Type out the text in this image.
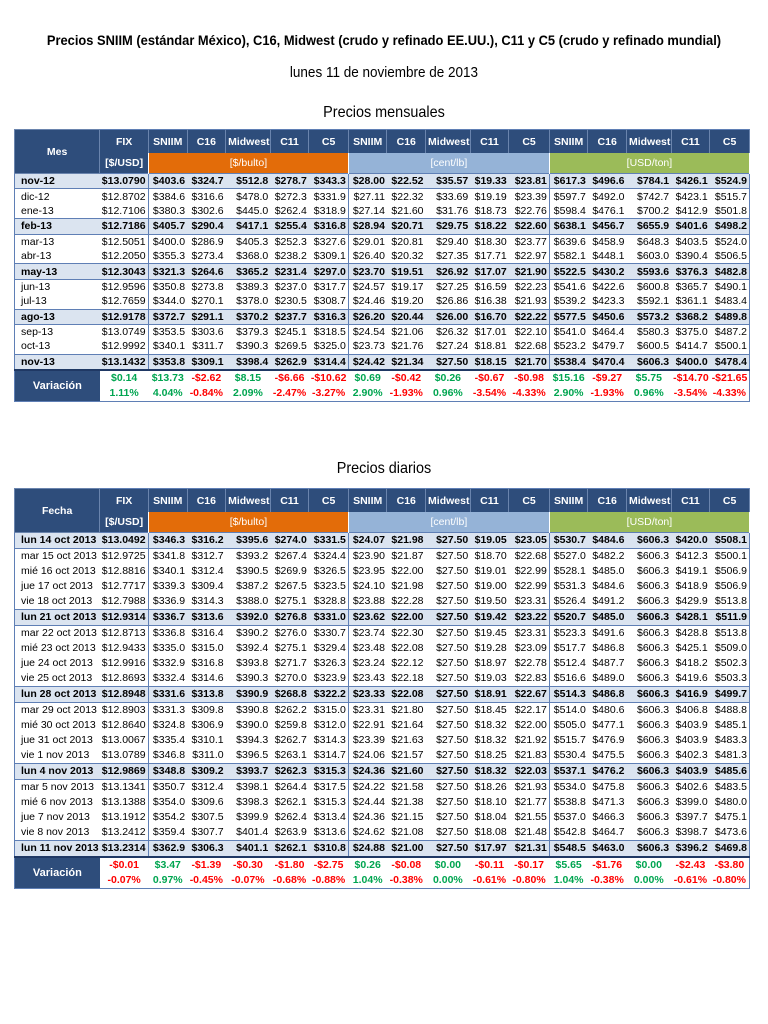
Precios SNIIM (estándar México), C16, Midwest (crudo y refinado EE.UU.), C11 y C5 (crudo y refinado mundial)
lunes 11 de noviembre de 2013
Precios mensuales
Precios diarios
Mes	FIX	SNIIM	C16	Midwest	C11	C5	SNIIM	C16	Midwest	C11	C5	SNIIM	C16	Midwest	C11	C5
	[$/USD]	[$/bulto]					[cent/lb]					[USD/ton]				
nov-12	$13.0790	$403.6	$324.7	$512.8	$278.7	$343.3	$28.00	$22.52	$35.57	$19.33	$23.81	$617.3	$496.6	$784.1	$426.1	$524.9
dic-12	$12.8702	$384.6	$316.6	$478.0	$272.3	$331.9	$27.11	$22.32	$33.69	$19.19	$23.39	$597.7	$492.0	$742.7	$423.1	$515.7
ene-13	$12.7106	$380.3	$302.6	$445.0	$262.4	$318.9	$27.14	$21.60	$31.76	$18.73	$22.76	$598.4	$476.1	$700.2	$412.9	$501.8
feb-13	$12.7186	$405.7	$290.4	$417.1	$255.4	$316.8	$28.94	$20.71	$29.75	$18.22	$22.60	$638.1	$456.7	$655.9	$401.6	$498.2
mar-13	$12.5051	$400.0	$286.9	$405.3	$252.3	$327.6	$29.01	$20.81	$29.40	$18.30	$23.77	$639.6	$458.9	$648.3	$403.5	$524.0
abr-13	$12.2050	$355.3	$273.4	$368.0	$238.2	$309.1	$26.40	$20.32	$27.35	$17.71	$22.97	$582.1	$448.1	$603.0	$390.4	$506.5
may-13	$12.3043	$321.3	$264.6	$365.2	$231.4	$297.0	$23.70	$19.51	$26.92	$17.07	$21.90	$522.5	$430.2	$593.6	$376.3	$482.8
jun-13	$12.9596	$350.8	$273.8	$389.3	$237.0	$317.7	$24.57	$19.17	$27.25	$16.59	$22.23	$541.6	$422.6	$600.8	$365.7	$490.1
jul-13	$12.7659	$344.0	$270.1	$378.0	$230.5	$308.7	$24.46	$19.20	$26.86	$16.38	$21.93	$539.2	$423.3	$592.1	$361.1	$483.4
ago-13	$12.9178	$372.7	$291.1	$370.2	$237.7	$316.3	$26.20	$20.44	$26.00	$16.70	$22.22	$577.5	$450.6	$573.2	$368.2	$489.8
sep-13	$13.0749	$353.5	$303.6	$379.3	$245.1	$318.5	$24.54	$21.06	$26.32	$17.01	$22.10	$541.0	$464.4	$580.3	$375.0	$487.2
oct-13	$12.9992	$340.1	$311.7	$390.3	$269.5	$325.0	$23.73	$21.76	$27.24	$18.81	$22.68	$523.2	$479.7	$600.5	$414.7	$500.1
nov-13	$13.1432	$353.8	$309.1	$398.4	$262.9	$314.4	$24.42	$21.34	$27.50	$18.15	$21.70	$538.4	$470.4	$606.3	$400.0	$478.4
Variación	$0.14	$13.73	-$2.62	$8.15	-$6.66	-$10.62	$0.69	-$0.42	$0.26	-$0.67	-$0.98	$15.16	-$9.27	$5.75	-$14.70	-$21.65
	1.11%	4.04%	-0.84%	2.09%	-2.47%	-3.27%	2.90%	-1.93%	0.96%	-3.54%	-4.33%	2.90%	-1.93%	0.96%	-3.54%	-4.33%
Fecha	FIX	SNIIM	C16	Midwest	C11	C5	SNIIM	C16	Midwest	C11	C5	SNIIM	C16	Midwest	C11	C5
	[$/USD]	[$/bulto]					[cent/lb]					[USD/ton]				
lun 14 oct 2013	$13.0492	$346.3	$316.2	$395.6	$274.0	$331.5	$24.07	$21.98	$27.50	$19.05	$23.05	$530.7	$484.6	$606.3	$420.0	$508.1
mar 15 oct 2013	$12.9725	$341.8	$312.7	$393.2	$267.4	$324.4	$23.90	$21.87	$27.50	$18.70	$22.68	$527.0	$482.2	$606.3	$412.3	$500.1
mié 16 oct 2013	$12.8816	$340.1	$312.4	$390.5	$269.9	$326.5	$23.95	$22.00	$27.50	$19.01	$22.99	$528.1	$485.0	$606.3	$419.1	$506.9
jue 17 oct 2013	$12.7717	$339.3	$309.4	$387.2	$267.5	$323.5	$24.10	$21.98	$27.50	$19.00	$22.99	$531.3	$484.6	$606.3	$418.9	$506.9
vie 18 oct 2013	$12.7988	$336.9	$314.3	$388.0	$275.1	$328.8	$23.88	$22.28	$27.50	$19.50	$23.31	$526.4	$491.2	$606.3	$429.9	$513.8
lun 21 oct 2013	$12.9314	$336.7	$313.6	$392.0	$276.8	$331.0	$23.62	$22.00	$27.50	$19.42	$23.22	$520.7	$485.0	$606.3	$428.1	$511.9
mar 22 oct 2013	$12.8713	$336.8	$316.4	$390.2	$276.0	$330.7	$23.74	$22.30	$27.50	$19.45	$23.31	$523.3	$491.6	$606.3	$428.8	$513.8
mié 23 oct 2013	$12.9433	$335.0	$315.0	$392.4	$275.1	$329.4	$23.48	$22.08	$27.50	$19.28	$23.09	$517.7	$486.8	$606.3	$425.1	$509.0
jue 24 oct 2013	$12.9916	$332.9	$316.8	$393.8	$271.7	$326.3	$23.24	$22.12	$27.50	$18.97	$22.78	$512.4	$487.7	$606.3	$418.2	$502.3
vie 25 oct 2013	$12.8693	$332.4	$314.6	$390.3	$270.0	$323.9	$23.43	$22.18	$27.50	$19.03	$22.83	$516.6	$489.0	$606.3	$419.6	$503.3
lun 28 oct 2013	$12.8948	$331.6	$313.8	$390.9	$268.8	$322.2	$23.33	$22.08	$27.50	$18.91	$22.67	$514.3	$486.8	$606.3	$416.9	$499.7
mar 29 oct 2013	$12.8903	$331.3	$309.8	$390.8	$262.2	$315.0	$23.31	$21.80	$27.50	$18.45	$22.17	$514.0	$480.6	$606.3	$406.8	$488.8
mié 30 oct 2013	$12.8640	$324.8	$306.9	$390.0	$259.8	$312.0	$22.91	$21.64	$27.50	$18.32	$22.00	$505.0	$477.1	$606.3	$403.9	$485.1
jue 31 oct 2013	$13.0067	$335.4	$310.1	$394.3	$262.7	$314.3	$23.39	$21.63	$27.50	$18.32	$21.92	$515.7	$476.9	$606.3	$403.9	$483.3
vie 1 nov 2013	$13.0789	$346.8	$311.0	$396.5	$263.1	$314.7	$24.06	$21.57	$27.50	$18.25	$21.83	$530.4	$475.5	$606.3	$402.3	$481.3
lun 4 nov 2013	$12.9869	$348.8	$309.2	$393.7	$262.3	$315.3	$24.36	$21.60	$27.50	$18.32	$22.03	$537.1	$476.2	$606.3	$403.9	$485.6
mar 5 nov 2013	$13.1341	$350.7	$312.4	$398.1	$264.4	$317.5	$24.22	$21.58	$27.50	$18.26	$21.93	$534.0	$475.8	$606.3	$402.6	$483.5
mié 6 nov 2013	$13.1388	$354.0	$309.6	$398.3	$262.1	$315.3	$24.44	$21.38	$27.50	$18.10	$21.77	$538.8	$471.3	$606.3	$399.0	$480.0
jue 7 nov 2013	$13.1912	$354.2	$307.5	$399.9	$262.4	$313.4	$24.36	$21.15	$27.50	$18.04	$21.55	$537.0	$466.3	$606.3	$397.7	$475.1
vie 8 nov 2013	$13.2412	$359.4	$307.7	$401.4	$263.9	$313.6	$24.62	$21.08	$27.50	$18.08	$21.48	$542.8	$464.7	$606.3	$398.7	$473.6
lun 11 nov 2013	$13.2314	$362.9	$306.3	$401.1	$262.1	$310.8	$24.88	$21.00	$27.50	$17.97	$21.31	$548.5	$463.0	$606.3	$396.2	$469.8
Variación	-$0.01	$3.47	-$1.39	-$0.30	-$1.80	-$2.75	$0.26	-$0.08	$0.00	-$0.11	-$0.17	$5.65	-$1.76	$0.00	-$2.43	-$3.80
	-0.07%	0.97%	-0.45%	-0.07%	-0.68%	-0.88%	1.04%	-0.38%	0.00%	-0.61%	-0.80%	1.04%	-0.38%	0.00%	-0.61%	-0.80%
